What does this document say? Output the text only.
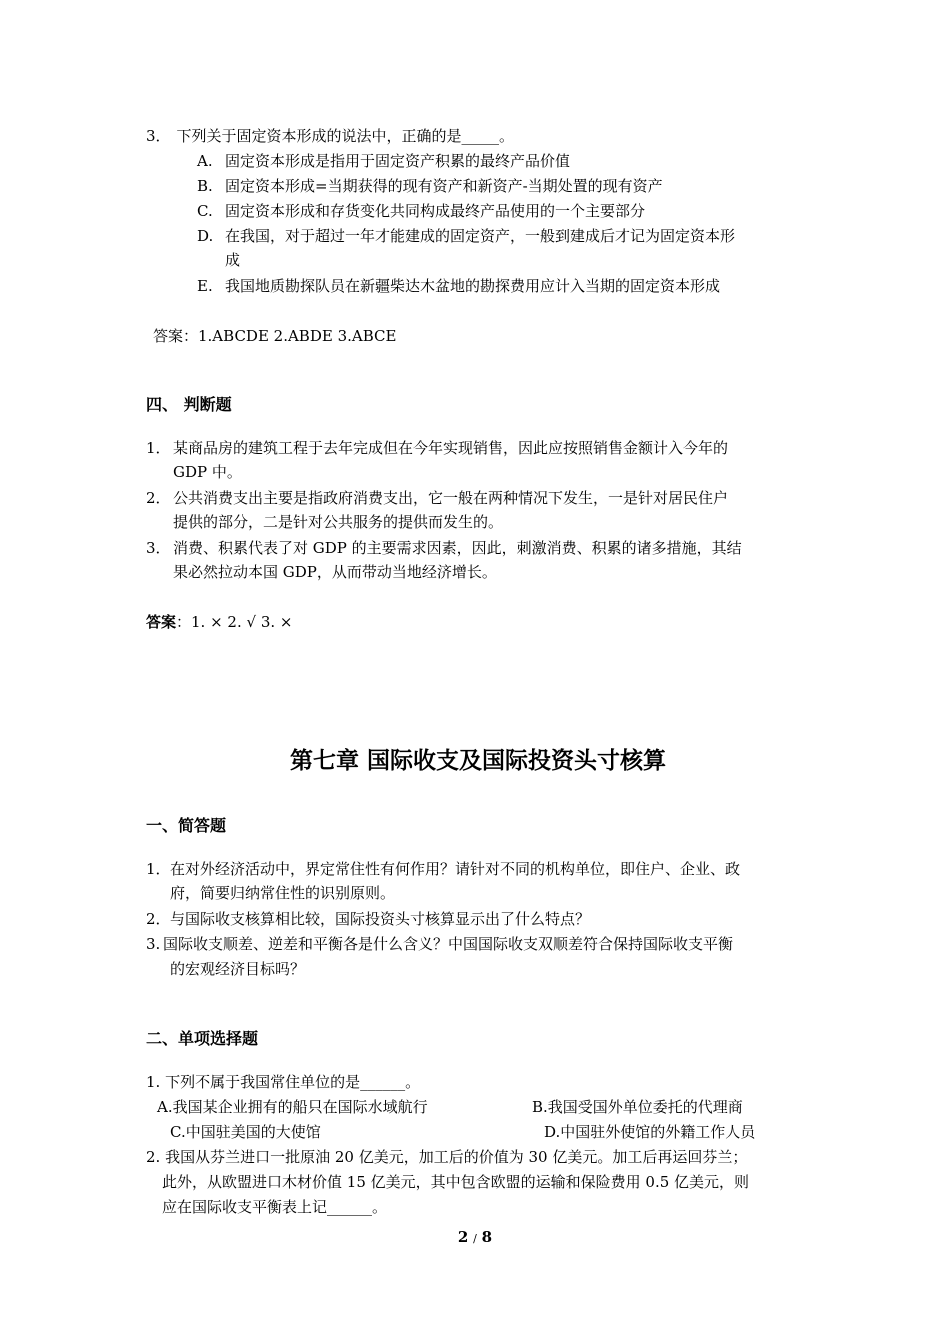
3． 下列关于固定资本形成的说法中，正确的是_____。
A. 固定资本形成是指用于固定资产积累的最终产品价值
B. 固定资本形成=当期获得的现有资产和新资产-当期处置的现有资产
C. 固定资本形成和存货变化共同构成最终产品使用的一个主要部分
D. 在我国，对于超过一年才能建成的固定资产，一般到建成后才记为固定资本形
成
E. 我国地质勘探队员在新疆柴达木盆地的勘探费用应计入当期的固定资本形成
答案：1.ABCDE 2.ABDE 3.ABCE
四、 判断题
1． 某商品房的建筑工程于去年完成但在今年实现销售，因此应按照销售金额计入今年的
GDP 中。
2． 公共消费支出主要是指政府消费支出，它一般在两种情况下发生，一是针对居民住户
提供的部分，二是针对公共服务的提供而发生的。
3． 消费、积累代表了对 GDP 的主要需求因素，因此，刺激消费、积累的诸多措施，其结
果必然拉动本国 GDP，从而带动当地经济增长。
答案：1. × 2. √ 3. ×
第七章 国际收支及国际投资头寸核算
一、简答题
1． 在对外经济活动中，界定常住性有何作用？请针对不同的机构单位，即住户、企业、政
府，简要归纳常住性的识别原则。
2． 与国际收支核算相比较，国际投资头寸核算显示出了什么特点？
3. 国际收支顺差、逆差和平衡各是什么含义？中国国际收支双顺差符合保持国际收支平衡
的宏观经济目标吗？
二、单项选择题
1. 下列不属于我国常住单位的是______。
A.我国某企业拥有的船只在国际水域航行	B.我国受国外单位委托的代理商
C.中国驻美国的大使馆	D.中国驻外使馆的外籍工作人员
2. 我国从芬兰进口一批原油 20 亿美元，加工后的价值为 30 亿美元。加工后再运回芬兰；
此外，从欧盟进口木材价值 15 亿美元，其中包含欧盟的运输和保险费用 0.5 亿美元，则
应在国际收支平衡表上记______。
2 / 8
